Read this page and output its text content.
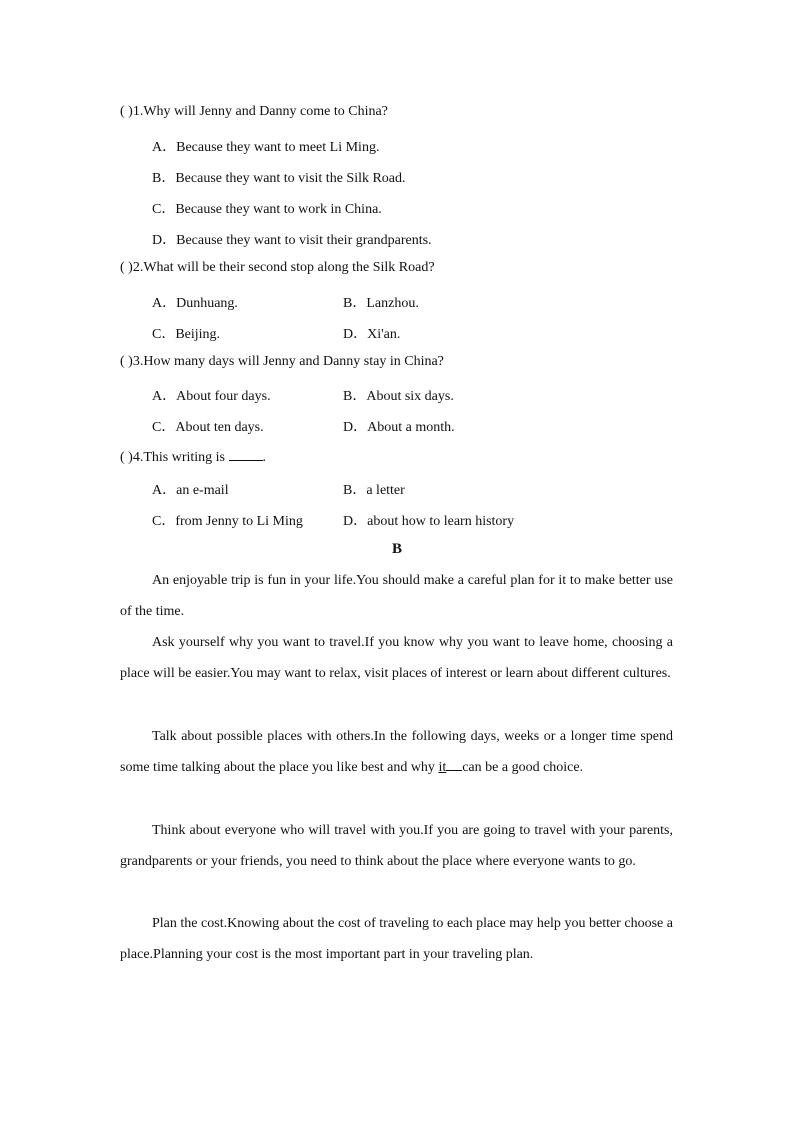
( )1.Why will Jenny and Danny come to China?
A．Because they want to meet Li Ming.
B．Because they want to visit the Silk Road.
C．Because they want to work in China.
D．Because they want to visit their grandparents.
( )2.What will be their second stop along the Silk Road?
A．Dunhuang.	B．Lanzhou.
C．Beijing.	D．Xi'an.
( )3.How many days will Jenny and Danny stay in China?
A．About four days.	B．About six days.
C．About ten days.	D．About a month.
( )4.This writing is	.
A．an e-mail	B．a letter
C．from Jenny to Li Ming	D．about how to learn history
B

An enjoyable trip is fun in your life.You should make a careful plan for it to make better use of the time.

Ask yourself why you want to travel.If you know why you want to leave home, choosing a place will be easier.You may want to relax, visit places of interest or learn about different cultures.

Talk about possible places with others.In the following days, weeks or a longer time spend some time talking about the place you like best and why it can be a good choice.

Think about everyone who will travel with you.If you are going to travel with your parents, grandparents or your friends, you need to think about the place where everyone wants to go.

Plan the cost.Knowing about the cost of traveling to each place may help you better choose a place.Planning your cost is the most important part in your traveling plan.
